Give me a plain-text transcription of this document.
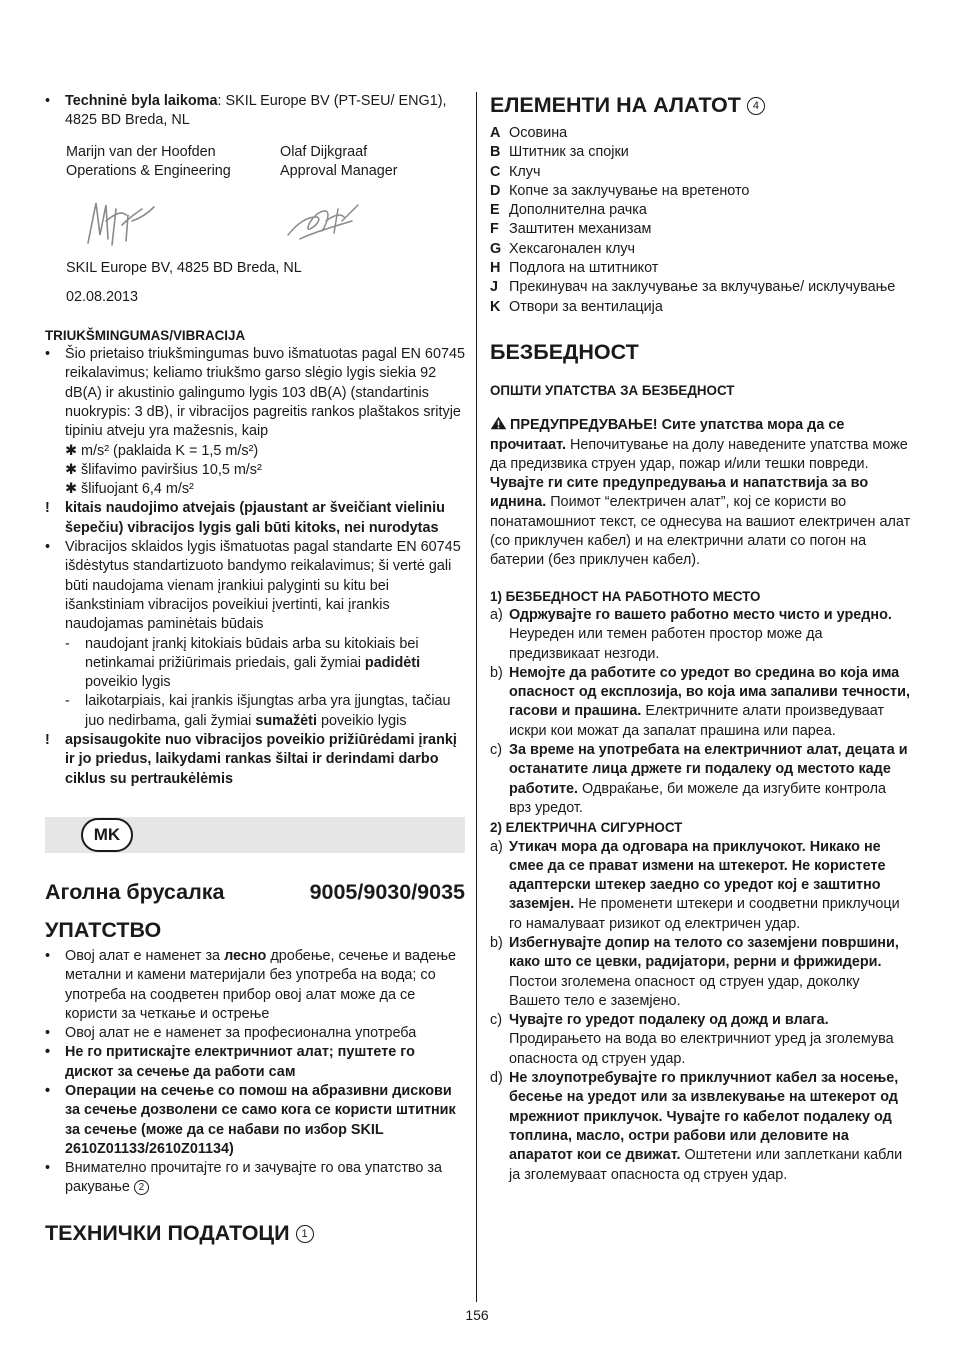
• Techninė byla laikoma: SKIL Europe BV (PT-SEU/ ENG1), 4825 BD Breda, NL

Marijn van der Hoofden

Operations & Engineering

Olaf Dijkgraaf

Approval Manager

SKIL Europe BV, 4825 BD Breda, NL

02.08.2013

TRIUKŠMINGUMAS/VIBRACIJA

• Šio prietaiso triukšmingumas buvo išmatuotas pagal EN 60745 reikalavimus; keliamo triukšmo garso slėgio lygis siekia 92 dB(A) ir akustinio galingumo lygis 103 dB(A) (standartinis nuokrypis: 3 dB), ir vibracijos pagreitis rankos plaštakos srityje tipiniu atveju yra mažesnis, kaip
✱ m/s² (paklaida K = 1,5 m/s²)
✱ šlifavimo paviršius 10,5 m/s²
✱ šlifuojant 6,4 m/s²
! kitais naudojimo atvejais (pjaustant ar šveičiant vieliniu šepečiu) vibracijos lygis gali būti kitoks, nei nurodytas
• Vibracijos sklaidos lygis išmatuotas pagal standarte EN 60745 išdėstytus standartizuoto bandymo reikalavimus; ši vertė gali būti naudojama vienam įrankiui palyginti su kitu bei išankstiniam vibracijos poveikiui įvertinti, kai įrankis naudojamas paminėtais būdais
- naudojant įrankį kitokiais būdais arba su kitokiais bei netinkamai prižiūrimais priedais, gali žymiai padidėti poveikio lygis
- laikotarpiais, kai įrankis išjungtas arba yra įjungtas, tačiau juo nedirbama, gali žymiai sumažėti poveikio lygis
! apsisaugokite nuo vibracijos poveikio prižiūrėdami įrankį ir jo priedus, laikydami rankas šiltai ir derindami darbo ciklus su pertraukėlėmis
MK
Аголна брусалка	9005/9030/9035

УПАТСТВО

• Овој алат е наменет за лесно дробење, сечење и вадење метални и камени материјали без употреба на вода; со употреба на соодветен прибор овој алат може да се користи за четкање и острење
• Овој алат не е наменет за професионална употреба
• Не го притискајте електричниот алат; пуштете го дискот за сечење да работи сам
• Операции на сечење со помош на абразивни дискови за сечење дозволени се само кога се користи штитник за сечење (може да се набави по избор SKIL 2610Z01133/2610Z01134)
• Внимателно прочитајте го и зачувајте го ова упатство за ракување 2

ТЕХНИЧКИ ПОДАТОЦИ 1

ЕЛЕМЕНТИ НА АЛАТОТ 4

A Осовина
B Штитник за спојки
C Клуч
D Копче за заклучување на вретеното
E Дополнителна рачка
F Заштитен механизам
G Хексагонален клуч
H Подлога на штитникот
J Прекинувач на заклучување за вклучување/ исклучување
K Отвори за вентилација

БЕЗБЕДНОСТ

ОПШТИ УПАТСТВА ЗА БЕЗБЕДНОСТ

ПРЕДУПРЕДУВАЊЕ! Сите упатства мора да се прочитаат. Непочитување на долу наведените упатства може да предизвика струен удар, пожар и/или тешки повреди. Чувајте ги сите предупредувања и напатствија за во иднина. Поимот “електричен алат”, кој се користи во понатамошниот текст, се однесува на вашиот електричен алат (со приклучен кабел) и на електрични алати со погон на батерии (без приклучен кабел).

1) БЕЗБЕДНОСТ НА РАБОТНОТО МЕСТО

a) Одржувајте го вашето работно место чисто и уредно. Неуреден или темен работен простор може да предизвикаат незгоди.
b) Немојте да работите со уредот во средина во која има опасност од експлозија, во која има запаливи течности, гасови и прашина. Електричните алати произведуваат искри кои можат да запалат прашина или пареа.
c) За време на употребата на електричниот алат, децата и останатите лица држете ги подалеку од местото каде работите. Одвраќање, би можеле да изгубите контрола врз уредот.

2) ЕЛЕКТРИЧНА СИГУРНОСТ

a) Утикач мора да одговара на приклучокот. Никако не смее да се прават измени на штекерот. Не користете адаптерски штекер заедно со уредот кој е заштитно заземјен. Не променети штекери и соодветни приклучоци го намалуваат ризикот од електричен удар.
b) Избегнувајте допир на телото со заземјени површини, како што се цевки, радијатори, рерни и фрижидери. Постои зголемена опасност од струен удар, доколку Вашето тело е заземјено.
c) Чувајте го уредот подалеку од дожд и влага. Продирањето на вода во електричниот уред ја зголемува опасноста од струен удар.
d) Не злоупотребувајте го приклучниот кабел за носење, бесење на уредот или за извлекување на штекерот од мрежниот приклучок. Чувајте го кабелот подалеку од топлина, масло, остри рабови или деловите на апаратот кои се движат. Оштетени или заплеткани кабли ја зголемуваат опасноста од струен удар.
156
